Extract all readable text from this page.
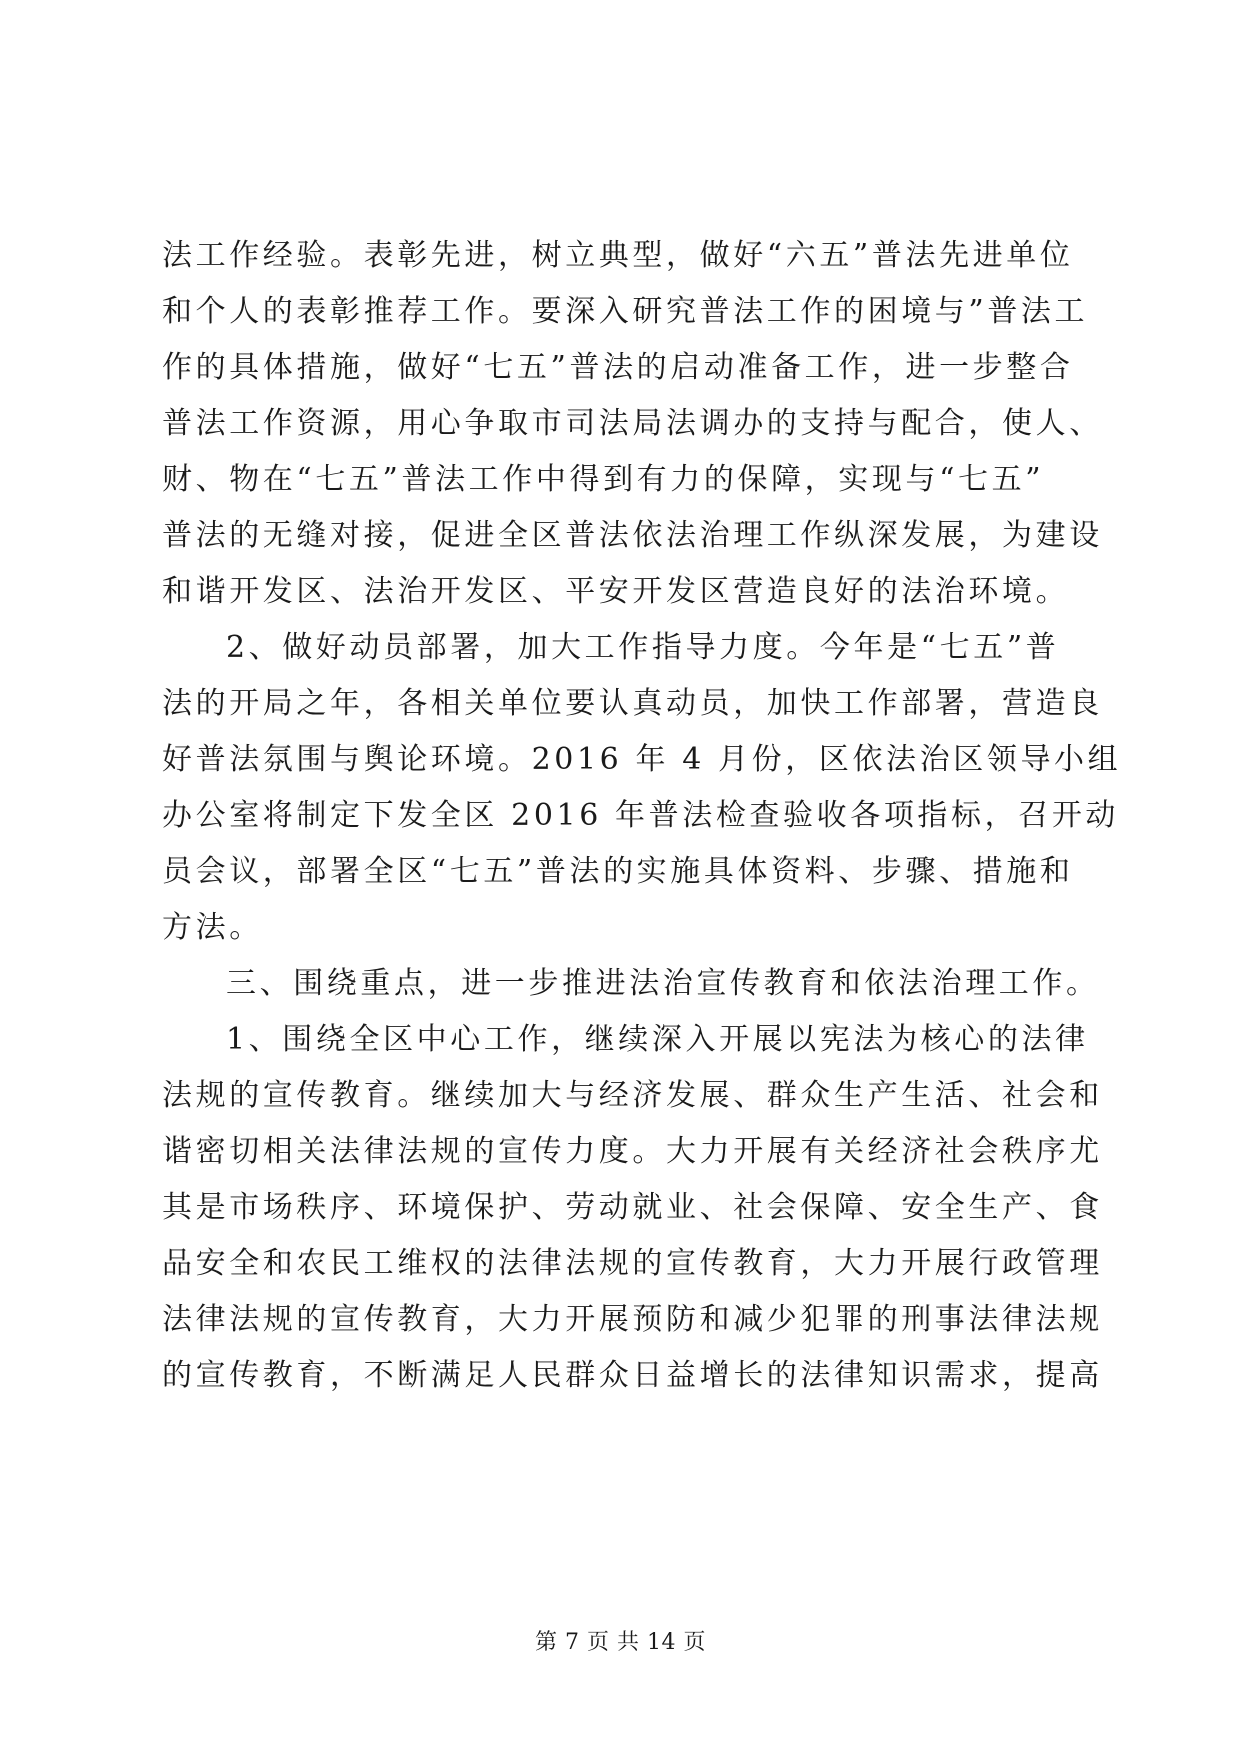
法工作经验。表彰先进，树立典型，做好“六五”普法先进单位
和个人的表彰推荐工作。要深入研究普法工作的困境与”普法工
作的具体措施，做好“七五”普法的启动准备工作，进一步整合
普法工作资源，用心争取市司法局法调办的支持与配合，使人、
财、物在“七五”普法工作中得到有力的保障，实现与“七五”
普法的无缝对接，促进全区普法依法治理工作纵深发展，为建设
和谐开发区、法治开发区、平安开发区营造良好的法治环境。
2、做好动员部署，加大工作指导力度。今年是“七五”普
法的开局之年，各相关单位要认真动员，加快工作部署，营造良
好普法氛围与舆论环境。2016 年 4 月份，区依法治区领导小组
办公室将制定下发全区 2016 年普法检查验收各项指标，召开动
员会议，部署全区“七五”普法的实施具体资料、步骤、措施和
方法。
三、围绕重点，进一步推进法治宣传教育和依法治理工作。
1、围绕全区中心工作，继续深入开展以宪法为核心的法律
法规的宣传教育。继续加大与经济发展、群众生产生活、社会和
谐密切相关法律法规的宣传力度。大力开展有关经济社会秩序尤
其是市场秩序、环境保护、劳动就业、社会保障、安全生产、食
品安全和农民工维权的法律法规的宣传教育，大力开展行政管理
法律法规的宣传教育，大力开展预防和减少犯罪的刑事法律法规
的宣传教育，不断满足人民群众日益增长的法律知识需求，提高
第 7 页 共 14 页
